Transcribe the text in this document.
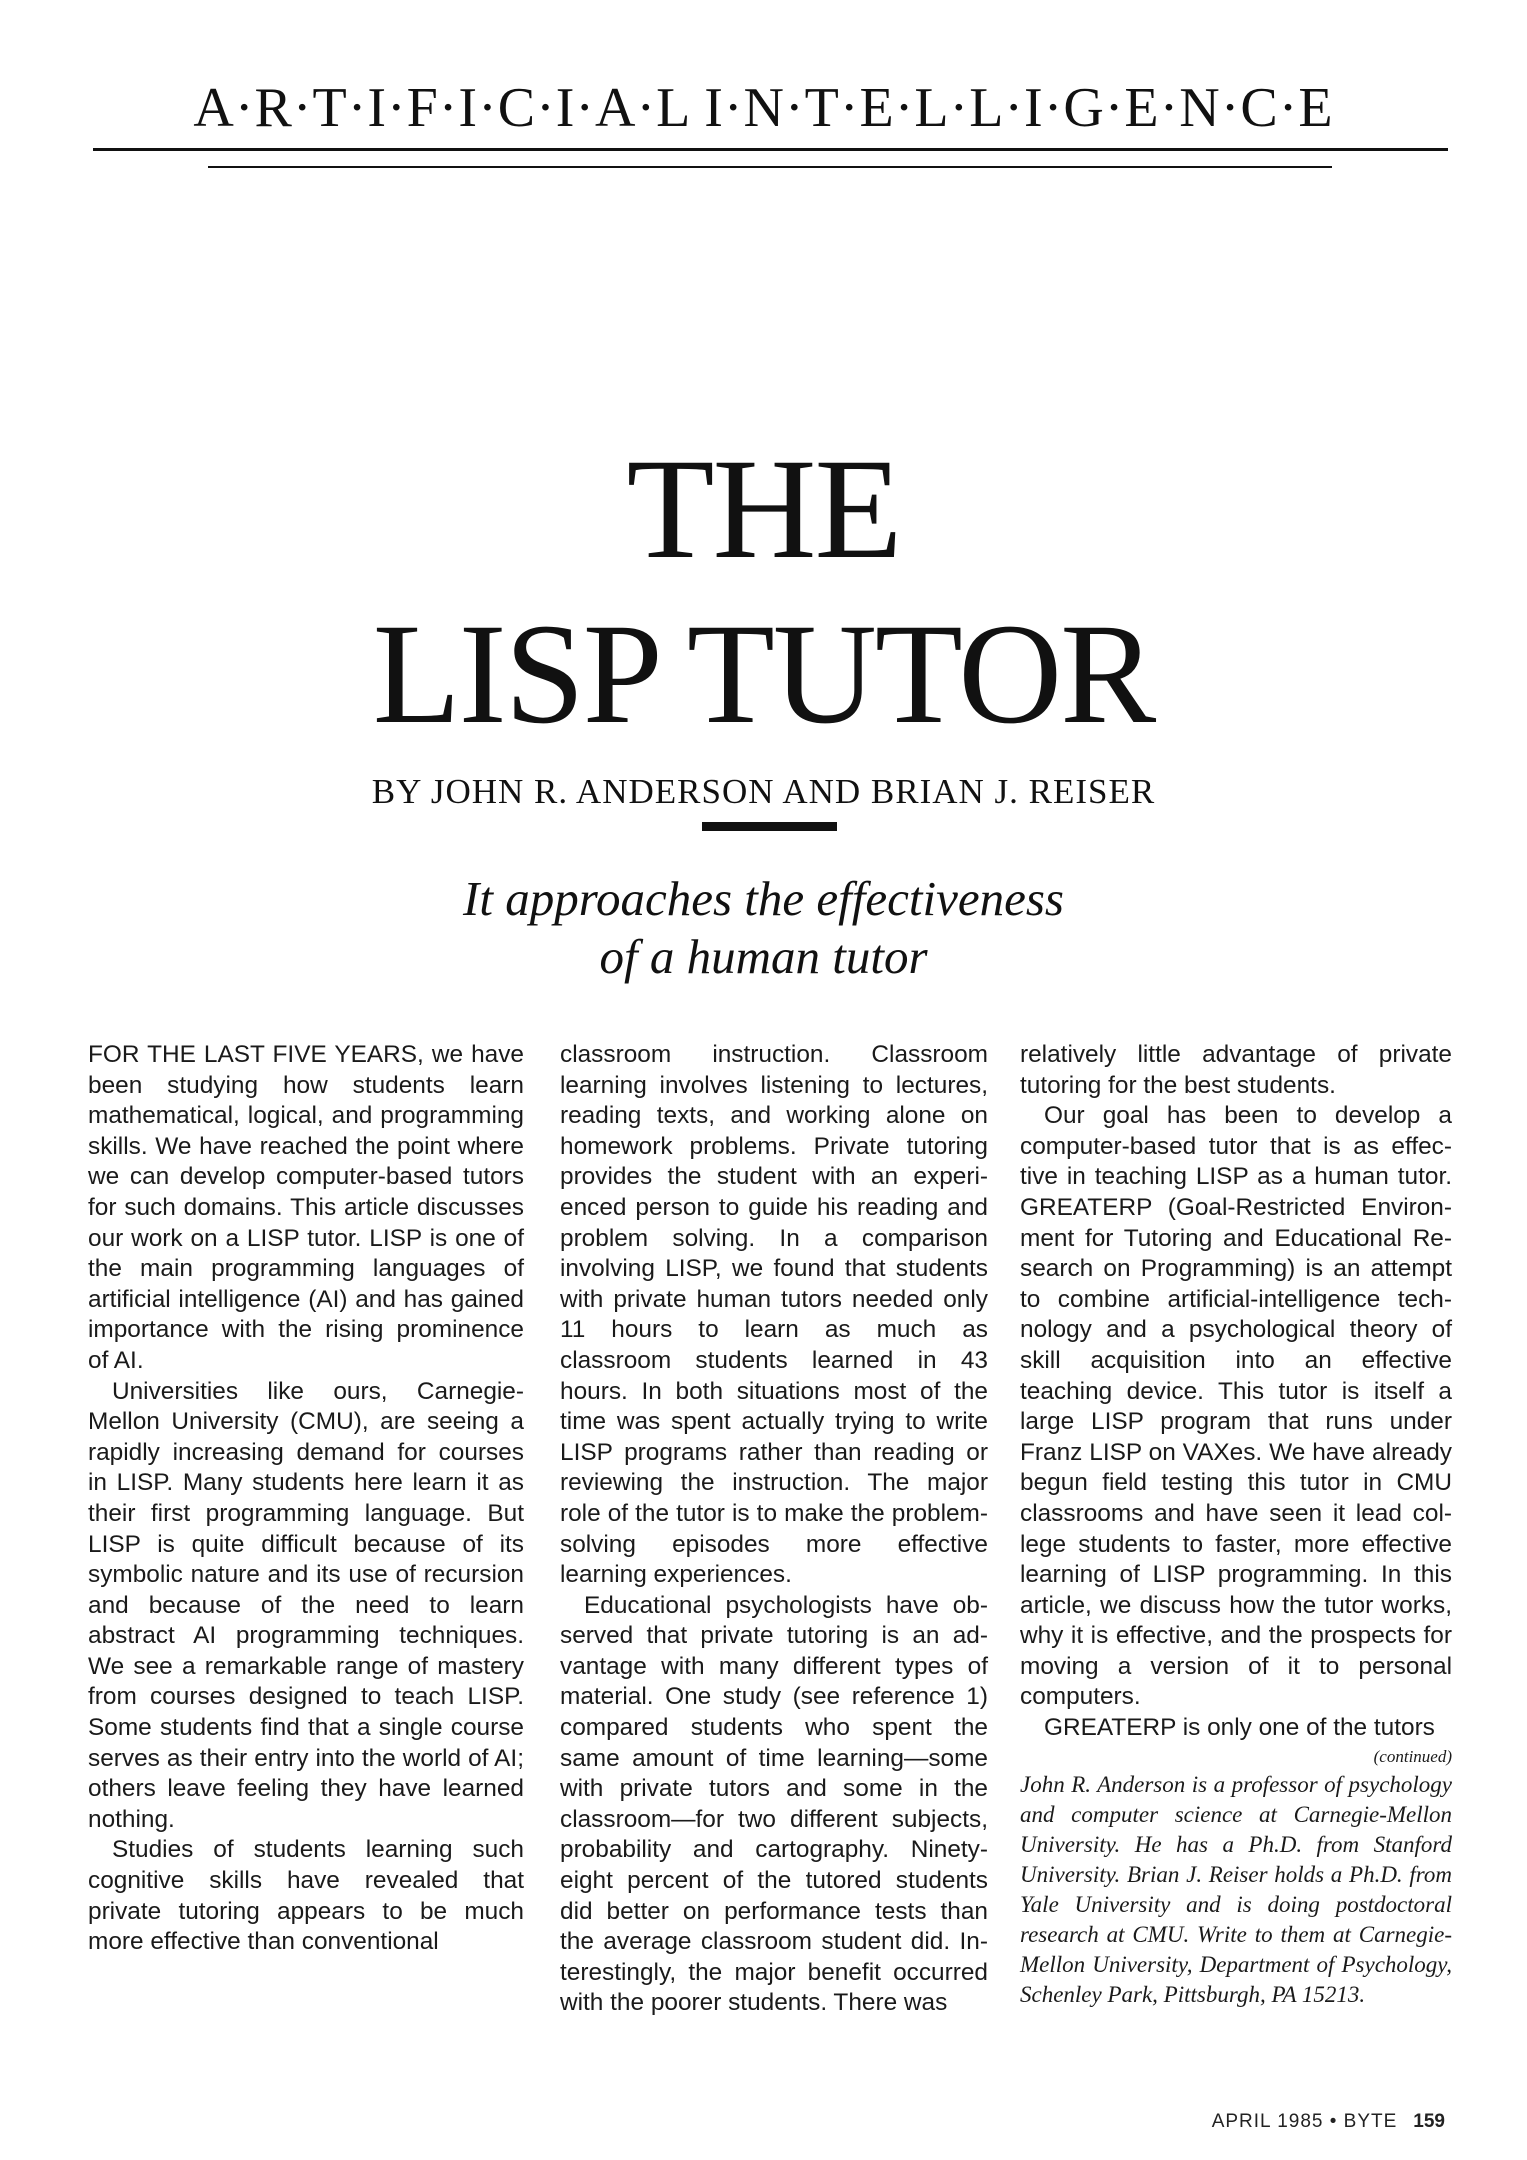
A·R·T·I·F·I·C·I·A·L I·N·T·E·L·L·I·G·E·N·C·E
THE
LISP TUTOR
BY JOHN R. ANDERSON AND BRIAN J. REISER
It approaches the effectiveness
of a human tutor

FOR THE LAST FIVE YEARS, we have been studying how students learn mathematical, logical, and programming skills. We have reached the point where we can develop computer-based tutors for such domains. This article discusses our work on a LISP tutor. LISP is one of the main programming languages of artificial intelligence (AI) and has gained importance with the rising prominence of AI.

Universities like ours, Carnegie-Mellon University (CMU), are seeing a rapidly increasing demand for courses in LISP. Many students here learn it as their first programming language. But LISP is quite difficult because of its symbolic nature and its use of recursion and because of the need to learn abstract AI programming techniques. We see a remarkable range of mastery from courses designed to teach LISP. Some students find that a single course serves as their entry into the world of AI; others leave feeling they have learned nothing.

Studies of students learning such cognitive skills have revealed that private tutoring appears to be much more effective than conventional

classroom instruction. Classroom learning involves listening to lectures, reading texts, and working alone on homework problems. Private tutoring provides the student with an experienced person to guide his reading and problem solving. In a comparison involving LISP, we found that students with private human tutors needed only 11 hours to learn as much as classroom students learned in 43 hours. In both situations most of the time was spent actually trying to write LISP programs rather than reading or reviewing the instruction. The major role of the tutor is to make the problem-solving episodes more effective learning experiences.

Educational psychologists have observed that private tutoring is an advantage with many different types of material. One study (see reference 1) compared students who spent the same amount of time learning—some with private tutors and some in the classroom—for two different subjects, probability and cartography. Ninety-eight percent of the tutored students did better on performance tests than the average classroom student did. Interestingly, the major benefit occurred with the poorer students. There was

relatively little advantage of private tutoring for the best students.

Our goal has been to develop a computer-based tutor that is as effective in teaching LISP as a human tutor. GREATERP (Goal-Restricted Environment for Tutoring and Educational Research on Programming) is an attempt to combine artificial-intelligence technology and a psychological theory of skill acquisition into an effective teaching device. This tutor is itself a large LISP program that runs under Franz LISP on VAXes. We have already begun field testing this tutor in CMU classrooms and have seen it lead college students to faster, more effective learning of LISP programming. In this article, we discuss how the tutor works, why it is effective, and the prospects for moving a version of it to personal computers.

GREATERP is only one of the tutors

(continued)

John R. Anderson is a professor of psychology and computer science at Carnegie-Mellon University. He has a Ph.D. from Stanford University. Brian J. Reiser holds a Ph.D. from Yale University and is doing postdoctoral research at CMU. Write to them at Carnegie-Mellon University, Department of Psychology, Schenley Park, Pittsburgh, PA 15213.

APRIL 1985 • BYTE 159
